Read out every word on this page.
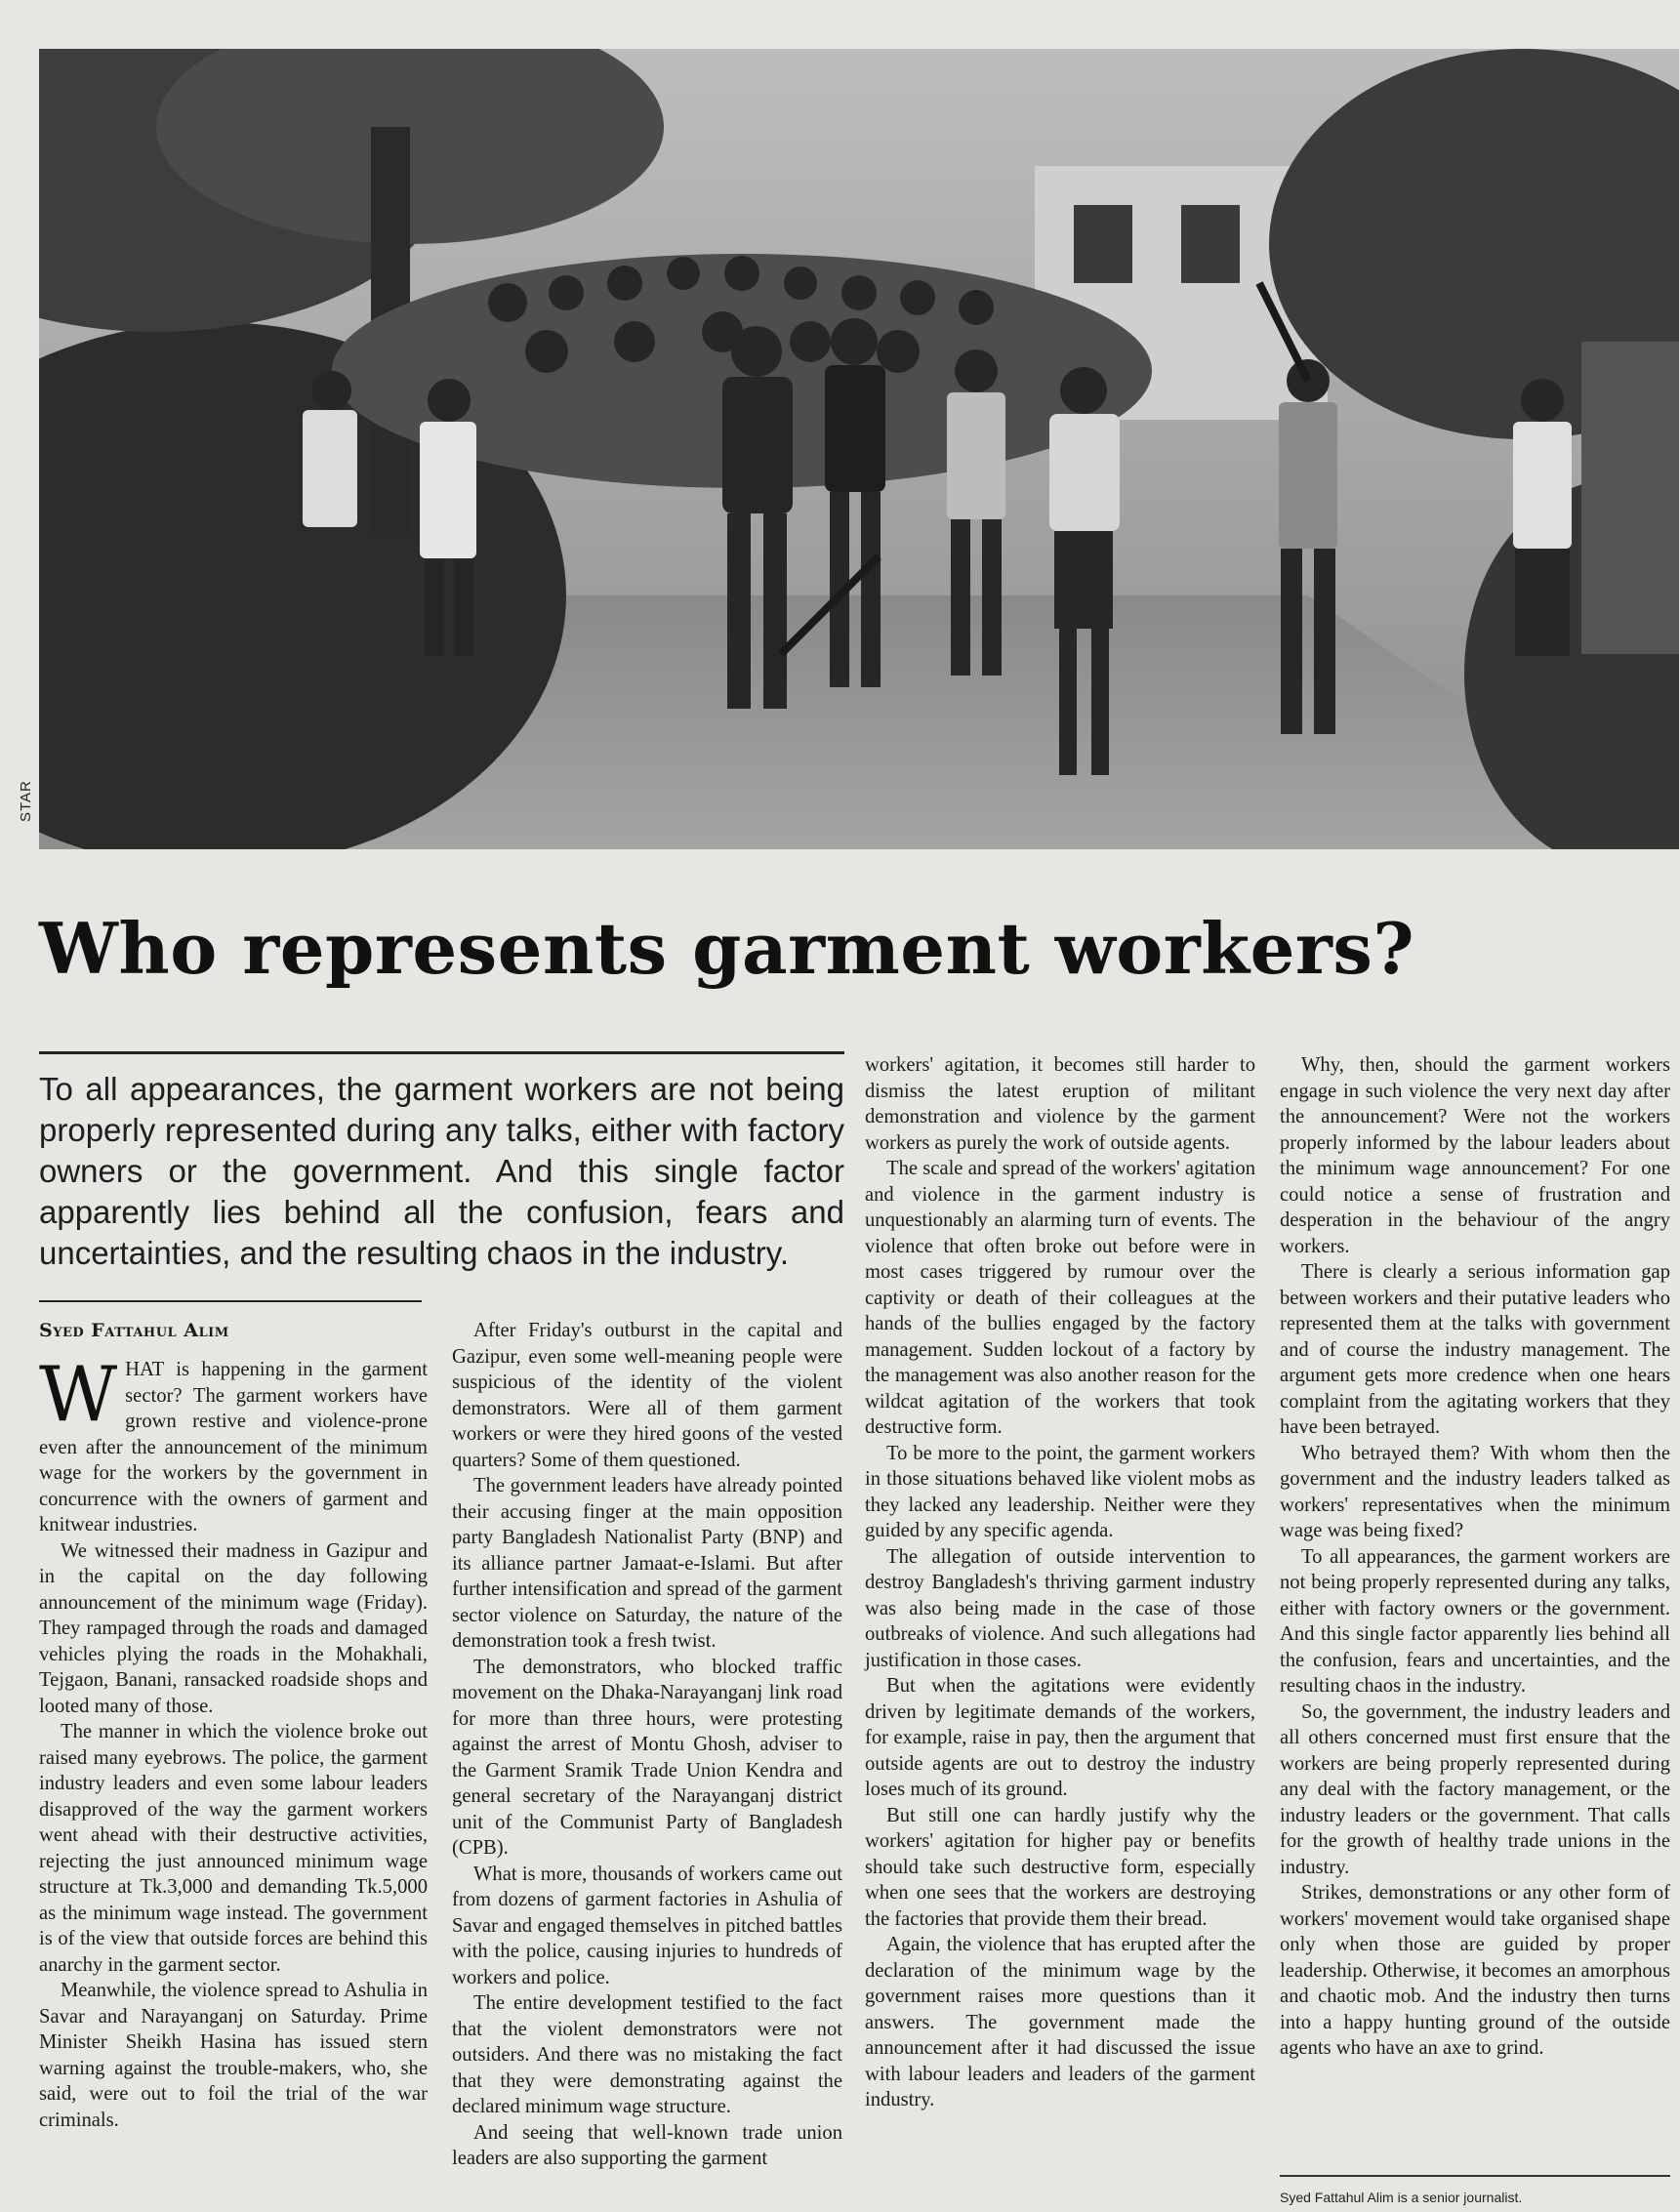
STAR
Who represents garment workers?

To all appearances, the garment workers are not being properly represented during any talks, either with factory owners or the government. And this single factor apparently lies behind all the confusion, fears and uncertainties, and the resulting chaos in the industry.

Syed Fattahul Alim
W HAT is happening in the garment sector? The garment workers have grown restive and violence-prone even after the announcement of the minimum wage for the workers by the government in concurrence with the owners of garment and knitwear industries.

We witnessed their madness in Gazipur and in the capital on the day following announcement of the minimum wage (Friday). They rampaged through the roads and damaged vehicles plying the roads in the Mohakhali, Tejgaon, Banani, ransacked roadside shops and looted many of those.

The manner in which the violence broke out raised many eyebrows. The police, the garment industry leaders and even some labour leaders disapproved of the way the garment workers went ahead with their destructive activities, rejecting the just announced minimum wage structure at Tk.3,000 and demanding Tk.5,000 as the minimum wage instead. The government is of the view that outside forces are behind this anarchy in the garment sector.

Meanwhile, the violence spread to Ashulia in Savar and Narayanganj on Saturday. Prime Minister Sheikh Hasina has issued stern warning against the trouble-makers, who, she said, were out to foil the trial of the war criminals.

After Friday's outburst in the capital and Gazipur, even some well-meaning people were suspicious of the identity of the violent demonstrators. Were all of them garment workers or were they hired goons of the vested quarters? Some of them questioned.

The government leaders have already pointed their accusing finger at the main opposition party Bangladesh Nationalist Party (BNP) and its alliance partner Jamaat-e-Islami. But after further intensification and spread of the garment sector violence on Saturday, the nature of the demonstration took a fresh twist.

The demonstrators, who blocked traffic movement on the Dhaka-Narayanganj link road for more than three hours, were protesting against the arrest of Montu Ghosh, adviser to the Garment Sramik Trade Union Kendra and general secretary of the Narayanganj district unit of the Communist Party of Bangladesh (CPB).

What is more, thousands of workers came out from dozens of garment factories in Ashulia of Savar and engaged themselves in pitched battles with the police, causing injuries to hundreds of workers and police.

The entire development testified to the fact that the violent demonstrators were not outsiders. And there was no mistaking the fact that they were demonstrating against the declared minimum wage structure.

And seeing that well-known trade union leaders are also supporting the garment

workers' agitation, it becomes still harder to dismiss the latest eruption of militant demonstration and violence by the garment workers as purely the work of outside agents.

The scale and spread of the workers' agitation and violence in the garment industry is unquestionably an alarming turn of events. The violence that often broke out before were in most cases triggered by rumour over the captivity or death of their colleagues at the hands of the bullies engaged by the factory management. Sudden lockout of a factory by the management was also another reason for the wildcat agitation of the workers that took destructive form.

To be more to the point, the garment workers in those situations behaved like violent mobs as they lacked any leadership. Neither were they guided by any specific agenda.

The allegation of outside intervention to destroy Bangladesh's thriving garment industry was also being made in the case of those outbreaks of violence. And such allegations had justification in those cases.

But when the agitations were evidently driven by legitimate demands of the workers, for example, raise in pay, then the argument that outside agents are out to destroy the industry loses much of its ground.

But still one can hardly justify why the workers' agitation for higher pay or benefits should take such destructive form, especially when one sees that the workers are destroying the factories that provide them their bread.

Again, the violence that has erupted after the declaration of the minimum wage by the government raises more questions than it answers. The government made the announcement after it had discussed the issue with labour leaders and leaders of the garment industry.

Why, then, should the garment workers engage in such violence the very next day after the announcement? Were not the workers properly informed by the labour leaders about the minimum wage announcement? For one could notice a sense of frustration and desperation in the behaviour of the angry workers.

There is clearly a serious information gap between workers and their putative leaders who represented them at the talks with government and of course the industry management. The argument gets more credence when one hears complaint from the agitating workers that they have been betrayed.

Who betrayed them? With whom then the government and the industry leaders talked as workers' representatives when the minimum wage was being fixed?

To all appearances, the garment workers are not being properly represented during any talks, either with factory owners or the government. And this single factor apparently lies behind all the confusion, fears and uncertainties, and the resulting chaos in the industry.

So, the government, the industry leaders and all others concerned must first ensure that the workers are being properly represented during any deal with the factory management, or the industry leaders or the government. That calls for the growth of healthy trade unions in the industry.

Strikes, demonstrations or any other form of workers' movement would take organised shape only when those are guided by proper leadership. Otherwise, it becomes an amorphous and chaotic mob. And the industry then turns into a happy hunting ground of the outside agents who have an axe to grind.

Syed Fattahul Alim is a senior journalist.
